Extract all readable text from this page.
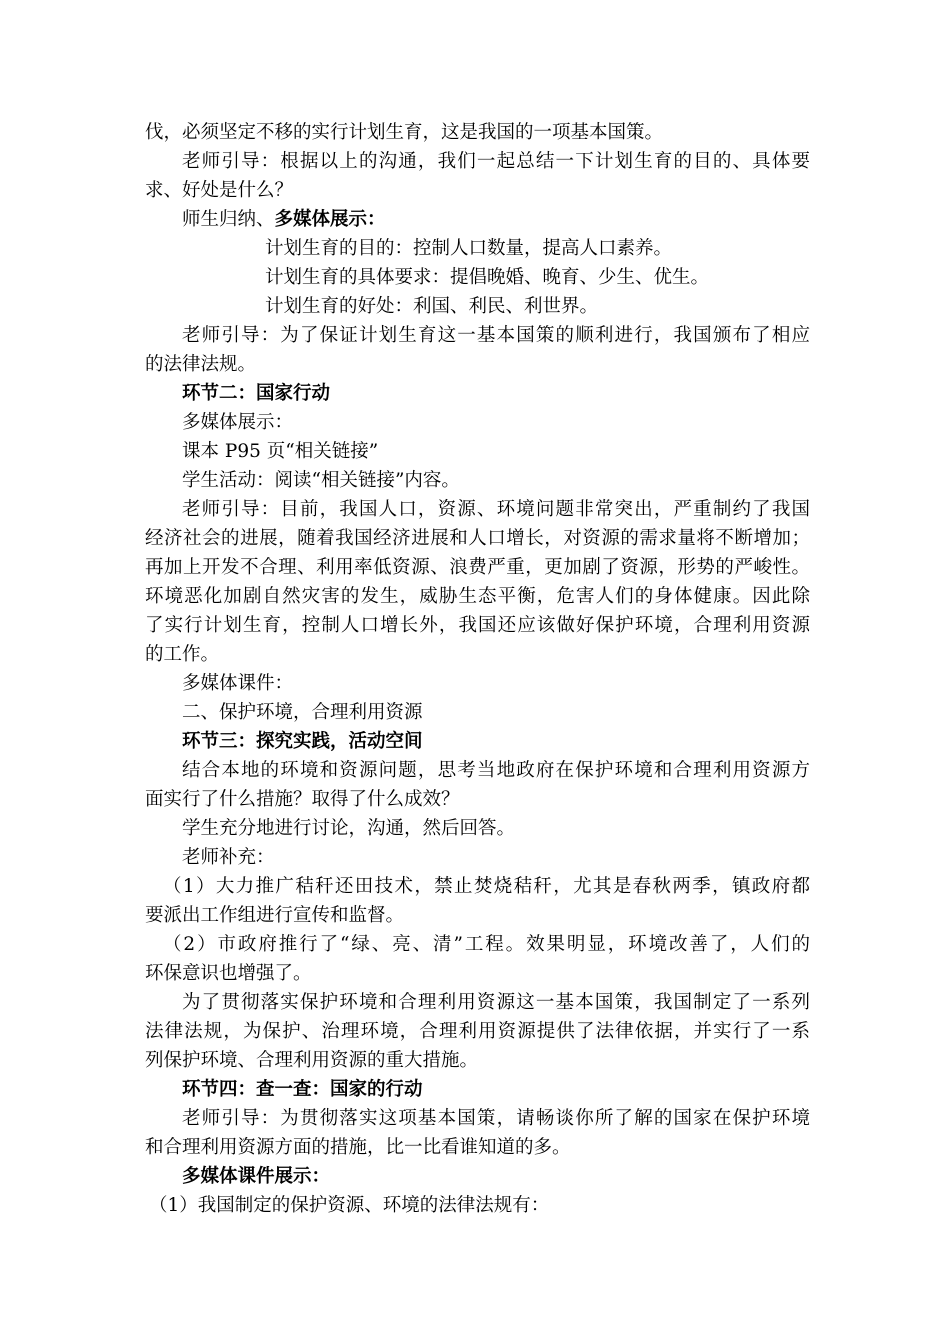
伐，必须坚定不移的实行计划生育，这是我国的一项基本国策。
老师引导：根据以上的沟通，我们一起总结一下计划生育的目的、具体要
求、好处是什么？
师生归纳、多媒体展示：
计划生育的目的：控制人口数量，提高人口素养。
计划生育的具体要求：提倡晚婚、晚育、少生、优生。
计划生育的好处：利国、利民、利世界。
老师引导：为了保证计划生育这一基本国策的顺利进行，我国颁布了相应
的法律法规。
环节二：国家行动
多媒体展示：
课本 P95 页“相关链接”
学生活动：阅读“相关链接”内容。
老师引导：目前，我国人口，资源、环境问题非常突出，严重制约了我国
经济社会的进展，随着我国经济进展和人口增长，对资源的需求量将不断增加；
再加上开发不合理、利用率低资源、浪费严重，更加剧了资源，形势的严峻性。
环境恶化加剧自然灾害的发生，威胁生态平衡，危害人们的身体健康。因此除
了实行计划生育，控制人口增长外，我国还应该做好保护环境，合理利用资源
的工作。
多媒体课件：
二、保护环境，合理利用资源
环节三：探究实践，活动空间
结合本地的环境和资源问题，思考当地政府在保护环境和合理利用资源方
面实行了什么措施？取得了什么成效？
学生充分地进行讨论，沟通，然后回答。
老师补充：
（1）大力推广秸秆还田技术，禁止焚烧秸秆，尤其是春秋两季，镇政府都
要派出工作组进行宣传和监督。
（2）市政府推行了“绿、亮、清”工程。效果明显，环境改善了，人们的
环保意识也增强了。
为了贯彻落实保护环境和合理利用资源这一基本国策，我国制定了一系列
法律法规，为保护、治理环境，合理利用资源提供了法律依据，并实行了一系
列保护环境、合理利用资源的重大措施。
环节四：查一查：国家的行动
老师引导：为贯彻落实这项基本国策，请畅谈你所了解的国家在保护环境
和合理利用资源方面的措施，比一比看谁知道的多。
多媒体课件展示：
（1）我国制定的保护资源、环境的法律法规有：
